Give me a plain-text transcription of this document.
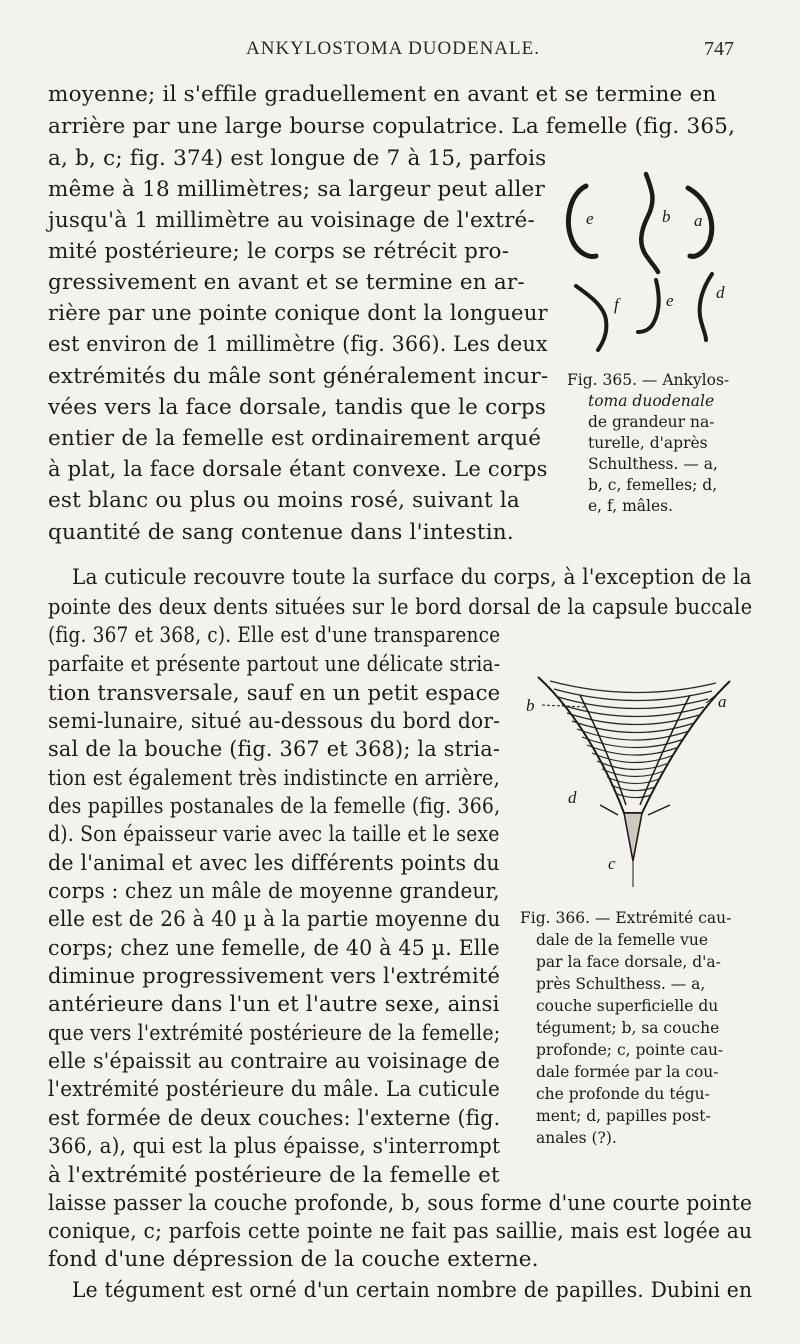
ANKYLOSTOMA DUODENALE.	747
moyenne; il s'effile graduellement en avant et se termine en
arrière par une large bourse copulatrice. La femelle (fig. 365,
a, b, c; fig. 374) est longue de 7 à 15, parfois
même à 18 millimètres; sa largeur peut aller
jusqu'à 1 millimètre au voisinage de l'extré-
mité postérieure; le corps se rétrécit pro-
gressivement en avant et se termine en ar-
rière par une pointe conique dont la longueur
est environ de 1 millimètre (fig. 366). Les deux
extrémités du mâle sont généralement incur-
vées vers la face dorsale, tandis que le corps
entier de la femelle est ordinairement arqué
à plat, la face dorsale étant convexe. Le corps
est blanc ou plus ou moins rosé, suivant la
quantité de sang contenue dans l'intestin.
La cuticule recouvre toute la surface du corps, à l'exception de la
pointe des deux dents situées sur le bord dorsal de la capsule buccale
(fig. 367 et 368, c). Elle est d'une transparence
parfaite et présente partout une délicate stria-
tion transversale, sauf en un petit espace
semi-lunaire, situé au-dessous du bord dor-
sal de la bouche (fig. 367 et 368); la stria-
tion est également très indistincte en arrière,
des papilles postanales de la femelle (fig. 366,
d). Son épaisseur varie avec la taille et le sexe
de l'animal et avec les différents points du
corps : chez un mâle de moyenne grandeur,
elle est de 26 à 40 µ à la partie moyenne du
corps; chez une femelle, de 40 à 45 µ. Elle
diminue progressivement vers l'extrémité
antérieure dans l'un et l'autre sexe, ainsi
que vers l'extrémité postérieure de la femelle;
elle s'épaissit au contraire au voisinage de
l'extrémité postérieure du mâle. La cuticule
est formée de deux couches: l'externe (fig.
366, a), qui est la plus épaisse, s'interrompt
à l'extrémité postérieure de la femelle et
laisse passer la couche profonde, b, sous forme d'une courte pointe
conique, c; parfois cette pointe ne fait pas saillie, mais est logée au
fond d'une dépression de la couche externe.
Le tégument est orné d'un certain nombre de papilles. Dubini en
e	b a
f	e d
Fig. 365. — Ankylos-
toma duodenale
de grandeur na-
turelle, d'après
Schulthess. — a,
b, c, femelles; d,
e, f, mâles.
b	a
d
c
Fig. 366. — Extrémité cau-
dale de la femelle vue
par la face dorsale, d'a-
près Schulthess. — a,
couche superficielle du
tégument; b, sa couche
profonde; c, pointe cau-
dale formée par la cou-
che profonde du tégu-
ment; d, papilles post-
anales (?).
